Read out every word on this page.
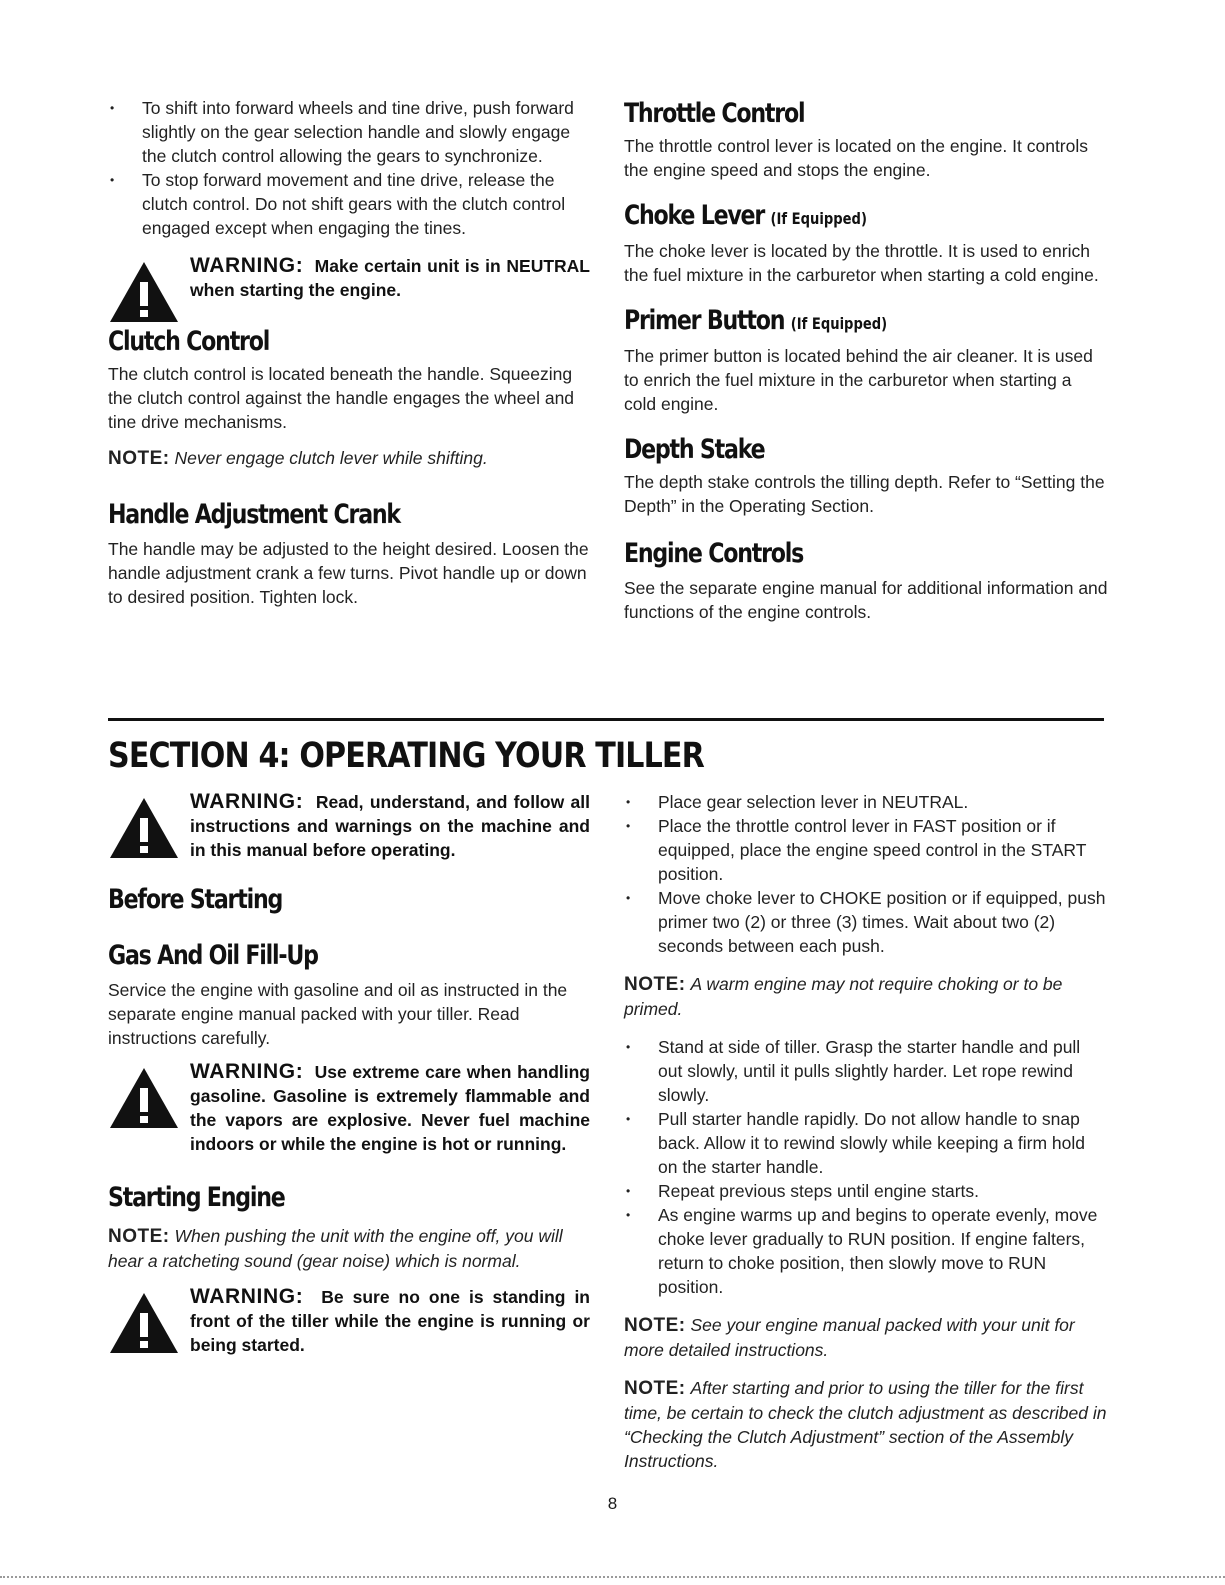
• To shift into forward wheels and tine drive, push forward slightly on the gear selection handle and slowly engage the clutch control allowing the gears to synchronize.
• To stop forward movement and tine drive, release the clutch control. Do not shift gears with the clutch control engaged except when engaging the tines.
WARNING: Make certain unit is in NEUTRAL when starting the engine.
Clutch Control

The clutch control is located beneath the handle. Squeezing the clutch control against the handle engages the wheel and tine drive mechanisms.

NOTE: Never engage clutch lever while shifting.

Handle Adjustment Crank

The handle may be adjusted to the height desired. Loosen the handle adjustment crank a few turns. Pivot handle up or down to desired position. Tighten lock.

Throttle Control

The throttle control lever is located on the engine. It controls the engine speed and stops the engine.

Choke Lever (If Equipped)

The choke lever is located by the throttle. It is used to enrich the fuel mixture in the carburetor when starting a cold engine.

Primer Button (If Equipped)

The primer button is located behind the air cleaner. It is used to enrich the fuel mixture in the carburetor when starting a cold engine.

Depth Stake

The depth stake controls the tilling depth. Refer to “Setting the Depth” in the Operating Section.

Engine Controls

See the separate engine manual for additional information and functions of the engine controls.

SECTION 4: OPERATING YOUR TILLER
WARNING: Read, understand, and follow all instructions and warnings on the machine and in this manual before operating.
Before Starting
Gas And Oil Fill-Up

Service the engine with gasoline and oil as instructed in the separate engine manual packed with your tiller. Read instructions carefully.

WARNING: Use extreme care when handling gasoline. Gasoline is extremely flammable and the vapors are explosive. Never fuel machine indoors or while the engine is hot or running.
Starting Engine

NOTE: When pushing the unit with the engine off, you will hear a ratcheting sound (gear noise) which is normal.

WARNING: Be sure no one is standing in front of the tiller while the engine is running or being started.
• Place gear selection lever in NEUTRAL.
• Place the throttle control lever in FAST position or if equipped, place the engine speed control in the START position.
• Move choke lever to CHOKE position or if equipped, push primer two (2) or three (3) times. Wait about two (2) seconds between each push.

NOTE: A warm engine may not require choking or to be primed.

• Stand at side of tiller. Grasp the starter handle and pull out slowly, until it pulls slightly harder. Let rope rewind slowly.
• Pull starter handle rapidly. Do not allow handle to snap back. Allow it to rewind slowly while keeping a firm hold on the starter handle.
• Repeat previous steps until engine starts.
• As engine warms up and begins to operate evenly, move choke lever gradually to RUN position. If engine falters, return to choke position, then slowly move to RUN position.

NOTE: See your engine manual packed with your unit for more detailed instructions.

NOTE: After starting and prior to using the tiller for the first time, be certain to check the clutch adjustment as described in “Checking the Clutch Adjustment” section of the Assembly Instructions.

8
